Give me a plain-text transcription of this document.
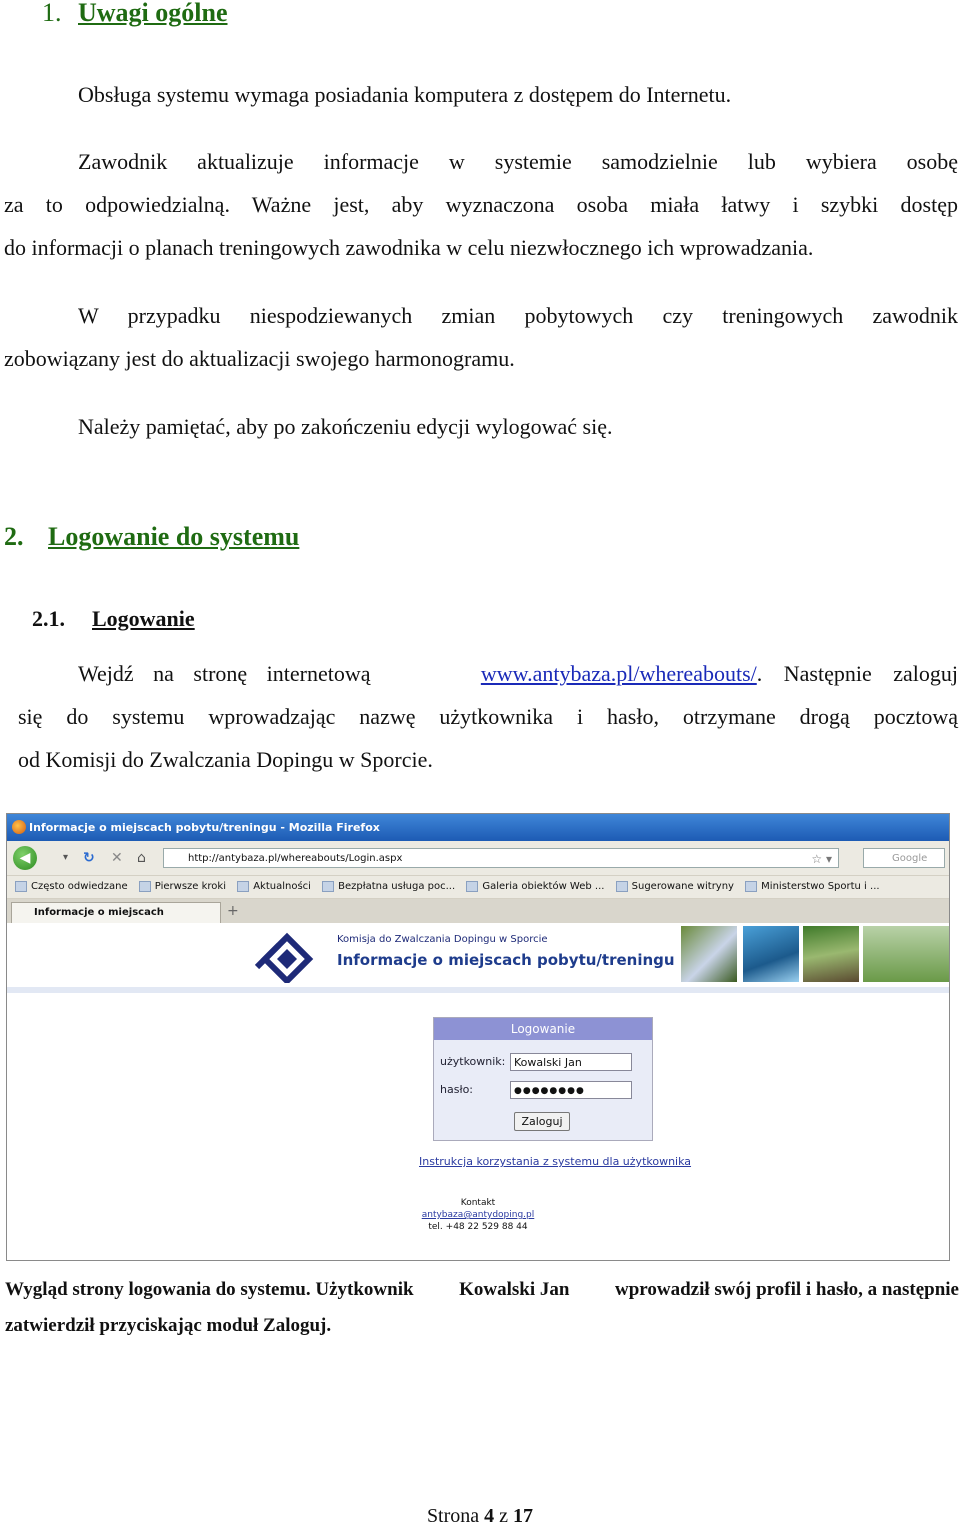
1. Uwagi ogólne

Obsługa systemu wymaga posiadania komputera z dostępem do Internetu.

Zawodnik aktualizuje informacje w systemie samodzielnie lub wybiera osobę

za to odpowiedzialną. Ważne jest, aby wyznaczona osoba miała łatwy i szybki dostęp

do informacji o planach treningowych zawodnika w celu niezwłocznego ich wprowadzania.

W przypadku niespodziewanych zmian pobytowych czy treningowych zawodnik

zobowiązany jest do aktualizacji swojego harmonogramu.

Należy pamiętać, aby po zakończeniu edycji wylogować się.

2. Logowanie do systemu
2.1. Logowanie
Wejdź na stronę internetową	www.antybaza.pl/whereabouts/. Następnie zaloguj

się do systemu wprowadzając nazwę użytkownika i hasło, otrzymane drogą pocztową

od Komisji do Zwalczania Dopingu w Sporcie.

Informacje o miejscach pobytu/treningu - Mozilla Firefox
◀	▾ ↻ ✕ ⌂	http://antybaza.pl/whereabouts/Login.aspx	☆ ▾	Google
Często odwiedzane	Pierwsze kroki	Aktualności	Bezpłatna usługa poc...	Galeria obiektów Web ...	Sugerowane witryny	Ministerstwo Sportu i ...
Informacje o miejscach	+
Komisja do Zwalczania Dopingu w Sporcie
Informacje o miejscach pobytu/treningu
Logowanie
użytkownik: Kowalski Jan
hasło:	●●●●●●●●
Zaloguj
Instrukcja korzystania z systemu dla użytkownika
Kontakt
antybaza@antydoping.pl
tel. +48 22 529 88 44
Wygląd strony logowania do systemu. Użytkownik Kowalski Jan wprowadził swój profil i hasło, a następnie
zatwierdził przyciskając moduł Zaloguj.
Strona 4 z 17
